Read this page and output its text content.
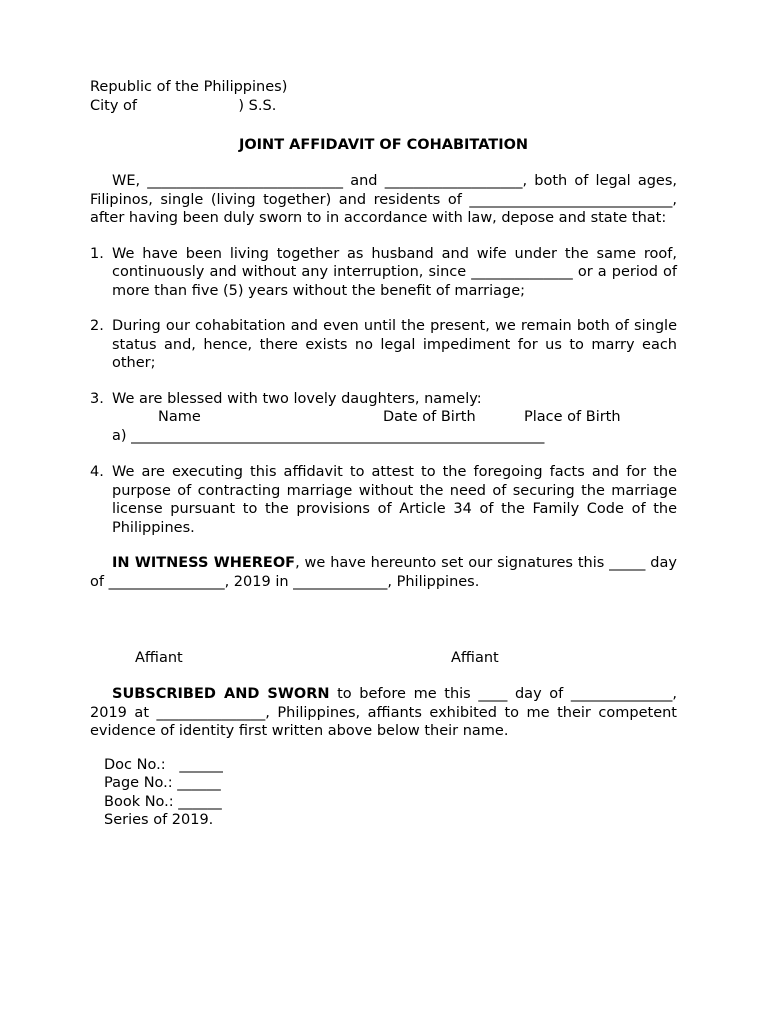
Republic of the Philippines)
City of                      ) S.S.
JOINT AFFIDAVIT OF COHABITATION
WE, ___________________________ and ___________________, both of legal ages, Filipinos, single (living together) and residents of ____________________________, after having been duly sworn to in accordance with law, depose and state that:
1. We have been living together as husband and wife under the same roof, continuously and without any interruption, since ______________ or a period of more than five (5) years without the benefit of marriage;
2. During our cohabitation and even until the present, we remain both of single status and, hence, there exists no legal impediment for us to marry each other;
3. We are blessed with two lovely daughters, namely:
Name	Date of Birth	Place of Birth
a) _________________________________________________________
4. We are executing this affidavit to attest to the foregoing facts and for the purpose of contracting marriage without the need of securing the marriage license pursuant to the provisions of Article 34 of the Family Code of the Philippines.
IN WITNESS WHEREOF, we have hereunto set our signatures this _____ day of ________________, 2019 in _____________, Philippines.
Affiant	Affiant
SUBSCRIBED AND SWORN to before me this ____ day of ______________, 2019 at _______________, Philippines, affiants exhibited to me their competent evidence of identity first written above below their name.
Doc No.:   ______
Page No.: ______
Book No.: ______
Series of 2019.
